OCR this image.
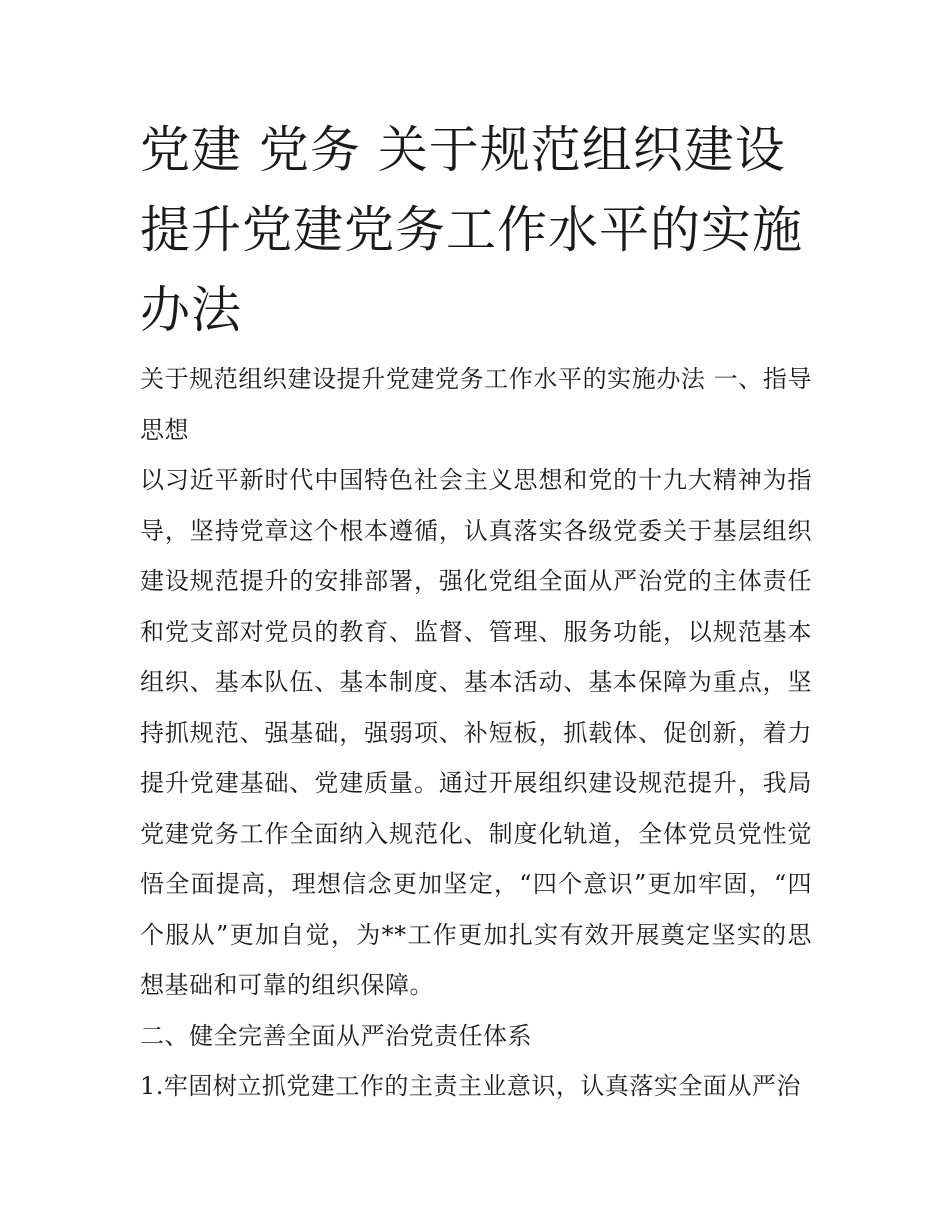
党建 党务 关于规范组织建设提升党建党务工作水平的实施办法

关于规范组织建设提升党建党务工作水平的实施办法 一、指导思想

以习近平新时代中国特色社会主义思想和党的十九大精神为指导，坚持党章这个根本遵循，认真落实各级党委关于基层组织建设规范提升的安排部署，强化党组全面从严治党的主体责任和党支部对党员的教育、监督、管理、服务功能，以规范基本组织、基本队伍、基本制度、基本活动、基本保障为重点，坚持抓规范、强基础，强弱项、补短板，抓载体、促创新，着力提升党建基础、党建质量。通过开展组织建设规范提升，我局党建党务工作全面纳入规范化、制度化轨道，全体党员党性觉悟全面提高，理想信念更加坚定，“四个意识”更加牢固，“四个服从”更加自觉，为**工作更加扎实有效开展奠定坚实的思想基础和可靠的组织保障。

二、健全完善全面从严治党责任体系

1.牢固树立抓党建工作的主责主业意识，认真落实全面从严治
